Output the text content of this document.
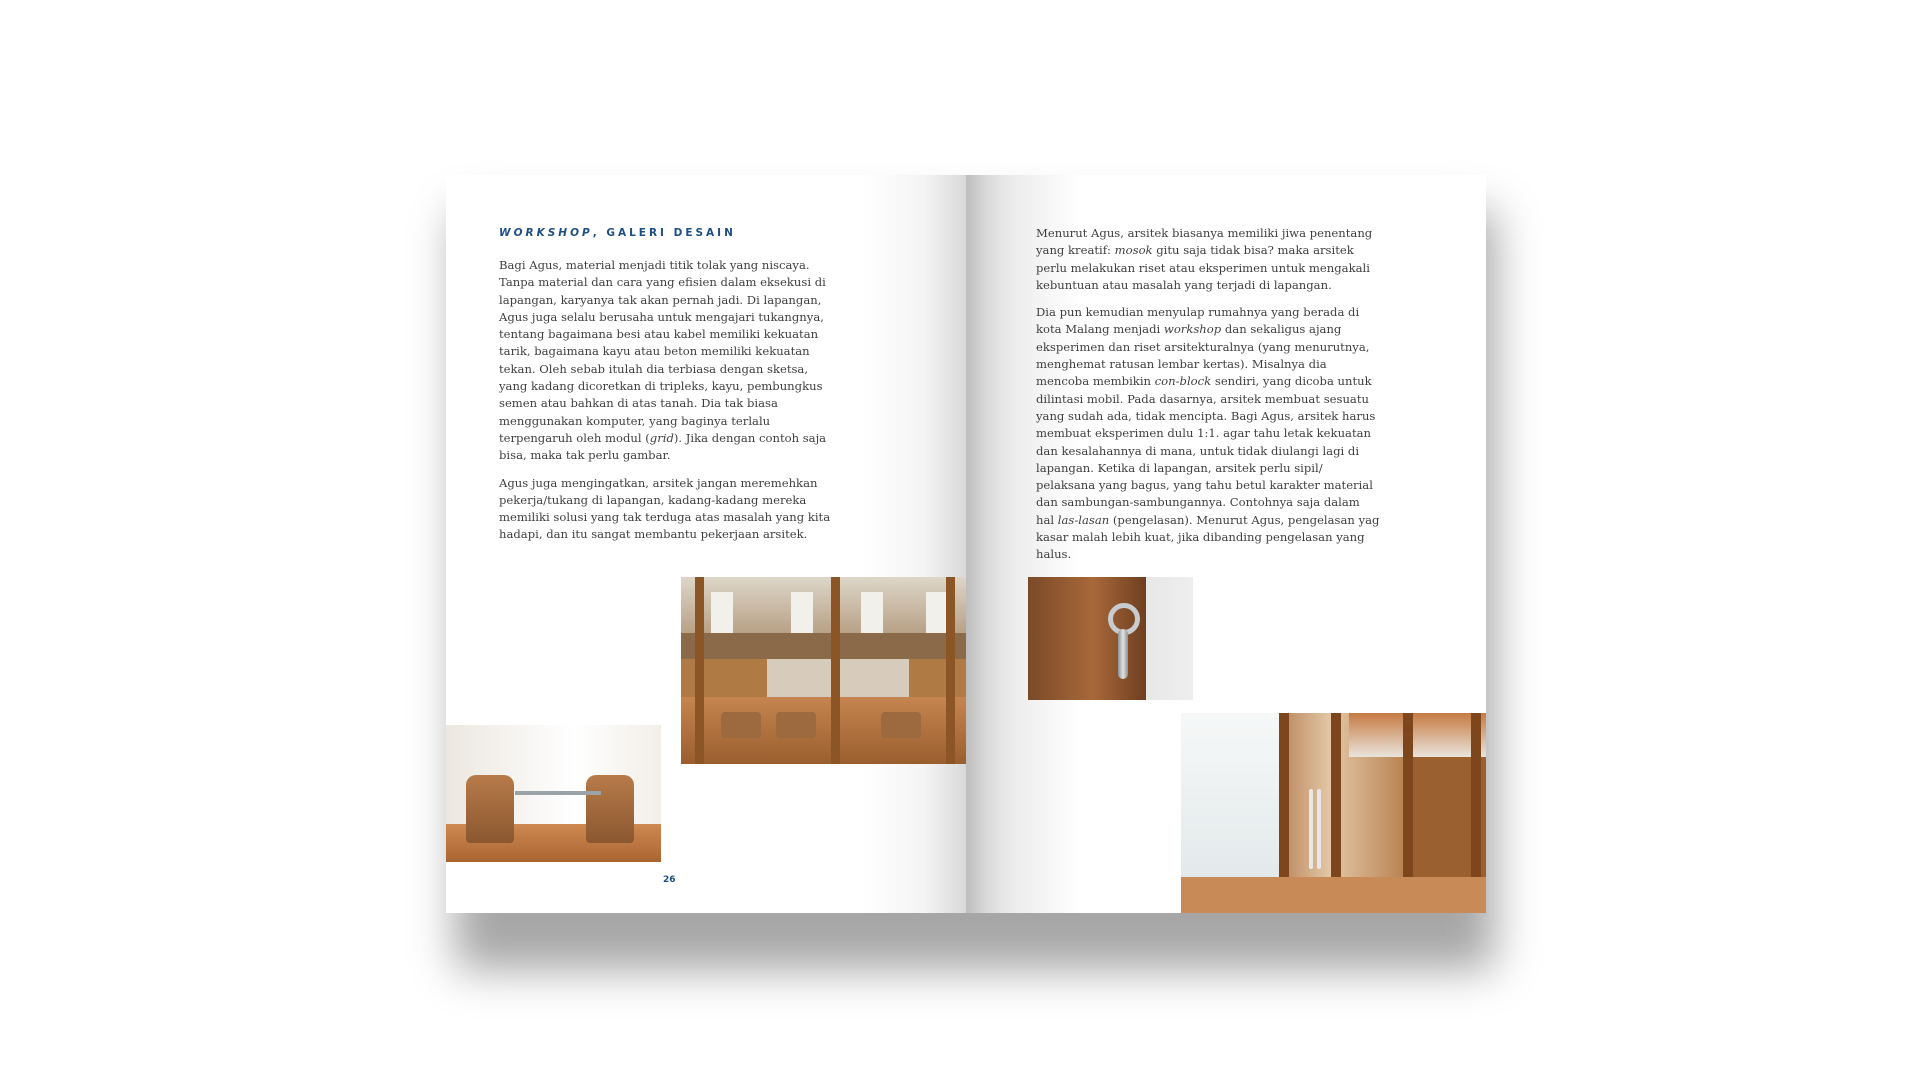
WORKSHOP, GALERI DESAIN

Bagi Agus, material menjadi titik tolak yang niscaya. Tanpa material dan cara yang efisien dalam eksekusi di lapangan, karyanya tak akan pernah jadi. Di lapangan, Agus juga selalu berusaha untuk mengajari tukangnya, tentang bagaimana besi atau kabel memiliki kekuatan tarik, bagaimana kayu atau beton memiliki kekuatan tekan. Oleh sebab itulah dia terbiasa dengan sketsa, yang kadang dicoretkan di tripleks, kayu, pembungkus semen atau bahkan di atas tanah. Dia tak biasa menggunakan komputer, yang baginya terlalu terpengaruh oleh modul (grid). Jika dengan contoh saja bisa, maka tak perlu gambar.

Agus juga mengingatkan, arsitek jangan meremehkan pekerja/tukang di lapangan, kadang-kadang mereka memiliki solusi yang tak terduga atas masalah yang kita hadapi, dan itu sangat membantu pekerjaan arsitek.

26

Menurut Agus, arsitek biasanya memiliki jiwa penentang yang kreatif: mosok gitu saja tidak bisa? maka arsitek perlu melakukan riset atau eksperimen untuk mengakali kebuntuan atau masalah yang terjadi di lapangan.

Dia pun kemudian menyulap rumahnya yang berada di kota Malang menjadi workshop dan sekaligus ajang eksperimen dan riset arsitekturalnya (yang menurutnya, menghemat ratusan lembar kertas). Misalnya dia mencoba membikin con-block sendiri, yang dicoba untuk dilintasi mobil. Pada dasarnya, arsitek membuat sesuatu yang sudah ada, tidak mencipta. Bagi Agus, arsitek harus membuat eksperimen dulu 1:1. agar tahu letak kekuatan dan kesalahannya di mana, untuk tidak diulangi lagi di lapangan. Ketika di lapangan, arsitek perlu sipil/ pelaksana yang bagus, yang tahu betul karakter material dan sambungan-sambungannya. Contohnya saja dalam hal las-lasan (pengelasan). Menurut Agus, pengelasan yag kasar malah lebih kuat, jika dibanding pengelasan yang halus.
